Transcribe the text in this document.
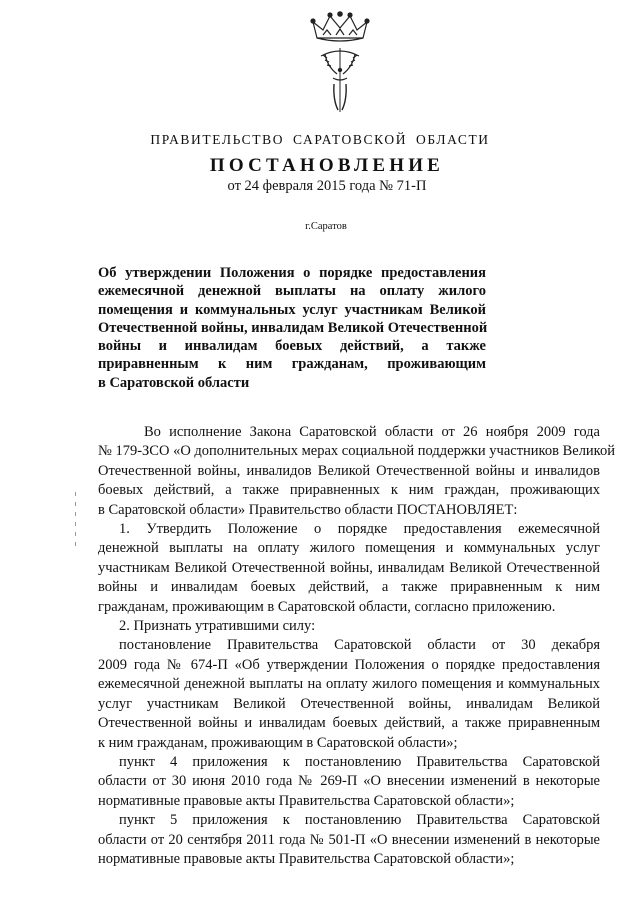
ПРАВИТЕЛЬСТВО САРАТОВСКОЙ ОБЛАСТИ
ПОСТАНОВЛЕНИЕ
от 24 февраля 2015 года № 71-П
г.Саратов
Об утверждении Положения о порядке предоставления
ежемесячной денежной выплаты на оплату жилого
помещения и коммунальных услуг участникам Великой
Отечественной войны, инвалидам Великой Отечественной
войны и инвалидам боевых действий, а также
приравненным к ним гражданам, проживающим
в Саратовской области
Во исполнение Закона Саратовской области от 26 ноября 2009 года
№ 179-ЗСО «О дополнительных мерах социальной поддержки участников Великой
Отечественной войны, инвалидов Великой Отечественной войны и инвалидов
боевых действий, а также приравненных к ним граждан, проживающих
в Саратовской области» Правительство области ПОСТАНОВЛЯЕТ:
1. Утвердить Положение о порядке предоставления ежемесячной
денежной выплаты на оплату жилого помещения и коммунальных услуг
участникам Великой Отечественной войны, инвалидам Великой Отечественной
войны и инвалидам боевых действий, а также приравненным к ним
гражданам, проживающим в Саратовской области, согласно приложению.
2. Признать утратившими силу:
постановление Правительства Саратовской области от 30 декабря
2009 года № 674-П «Об утверждении Положения о порядке предоставления
ежемесячной денежной выплаты на оплату жилого помещения и коммунальных
услуг участникам Великой Отечественной войны, инвалидам Великой
Отечественной войны и инвалидам боевых действий, а также приравненным
к ним гражданам, проживающим в Саратовской области»;
пункт 4 приложения к постановлению Правительства Саратовской
области от 30 июня 2010 года № 269-П «О внесении изменений в некоторые
нормативные правовые акты Правительства Саратовской области»;
пункт 5 приложения к постановлению Правительства Саратовской
области от 20 сентября 2011 года № 501-П «О внесении изменений в некоторые
нормативные правовые акты Правительства Саратовской области»;
